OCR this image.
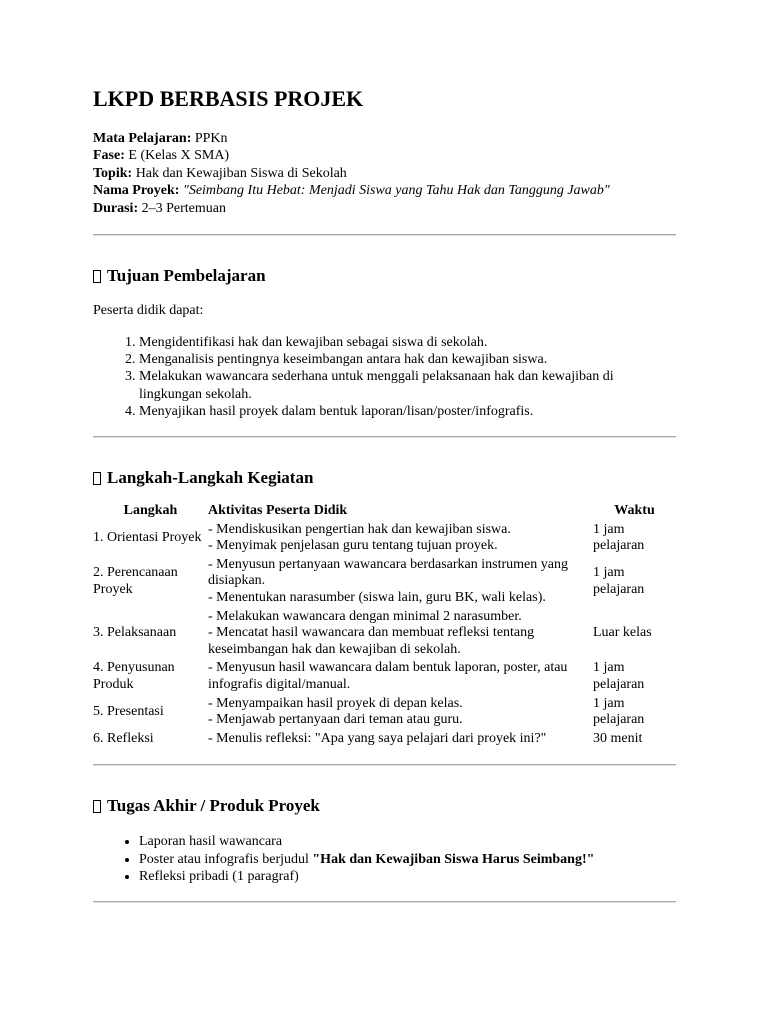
LKPD BERBASIS PROJEK
Mata Pelajaran: PPKn
Fase: E (Kelas X SMA)
Topik: Hak dan Kewajiban Siswa di Sekolah
Nama Proyek: "Seimbang Itu Hebat: Menjadi Siswa yang Tahu Hak dan Tanggung Jawab"
Durasi: 2–3 Pertemuan
Tujuan Pembelajaran

Peserta didik dapat:

1. Mengidentifikasi hak dan kewajiban sebagai siswa di sekolah.
2. Menganalisis pentingnya keseimbangan antara hak dan kewajiban siswa.
3. Melakukan wawancara sederhana untuk menggali pelaksanaan hak dan kewajiban di lingkungan sekolah.
4. Menyajikan hasil proyek dalam bentuk laporan/lisan/poster/infografis.
Langkah-Langkah Kegiatan
Langkah	Aktivitas Peserta Didik	Waktu
1. Orientasi Proyek	- Mendiskusikan pengertian hak dan kewajiban siswa.
- Menyimak penjelasan guru tentang tujuan proyek.	1 jam pelajaran
2. Perencanaan Proyek	- Menyusun pertanyaan wawancara berdasarkan instrumen yang disiapkan.
- Menentukan narasumber (siswa lain, guru BK, wali kelas).	1 jam pelajaran
3. Pelaksanaan	- Melakukan wawancara dengan minimal 2 narasumber.
- Mencatat hasil wawancara dan membuat refleksi tentang keseimbangan hak dan kewajiban di sekolah.	Luar kelas
4. Penyusunan Produk	- Menyusun hasil wawancara dalam bentuk laporan, poster, atau infografis digital/manual.	1 jam pelajaran
5. Presentasi	- Menyampaikan hasil proyek di depan kelas.
- Menjawab pertanyaan dari teman atau guru.	1 jam pelajaran
6. Refleksi	- Menulis refleksi: "Apa yang saya pelajari dari proyek ini?"	30 menit
Tugas Akhir / Produk Proyek
• Laporan hasil wawancara
• Poster atau infografis berjudul "Hak dan Kewajiban Siswa Harus Seimbang!"
• Refleksi pribadi (1 paragraf)
